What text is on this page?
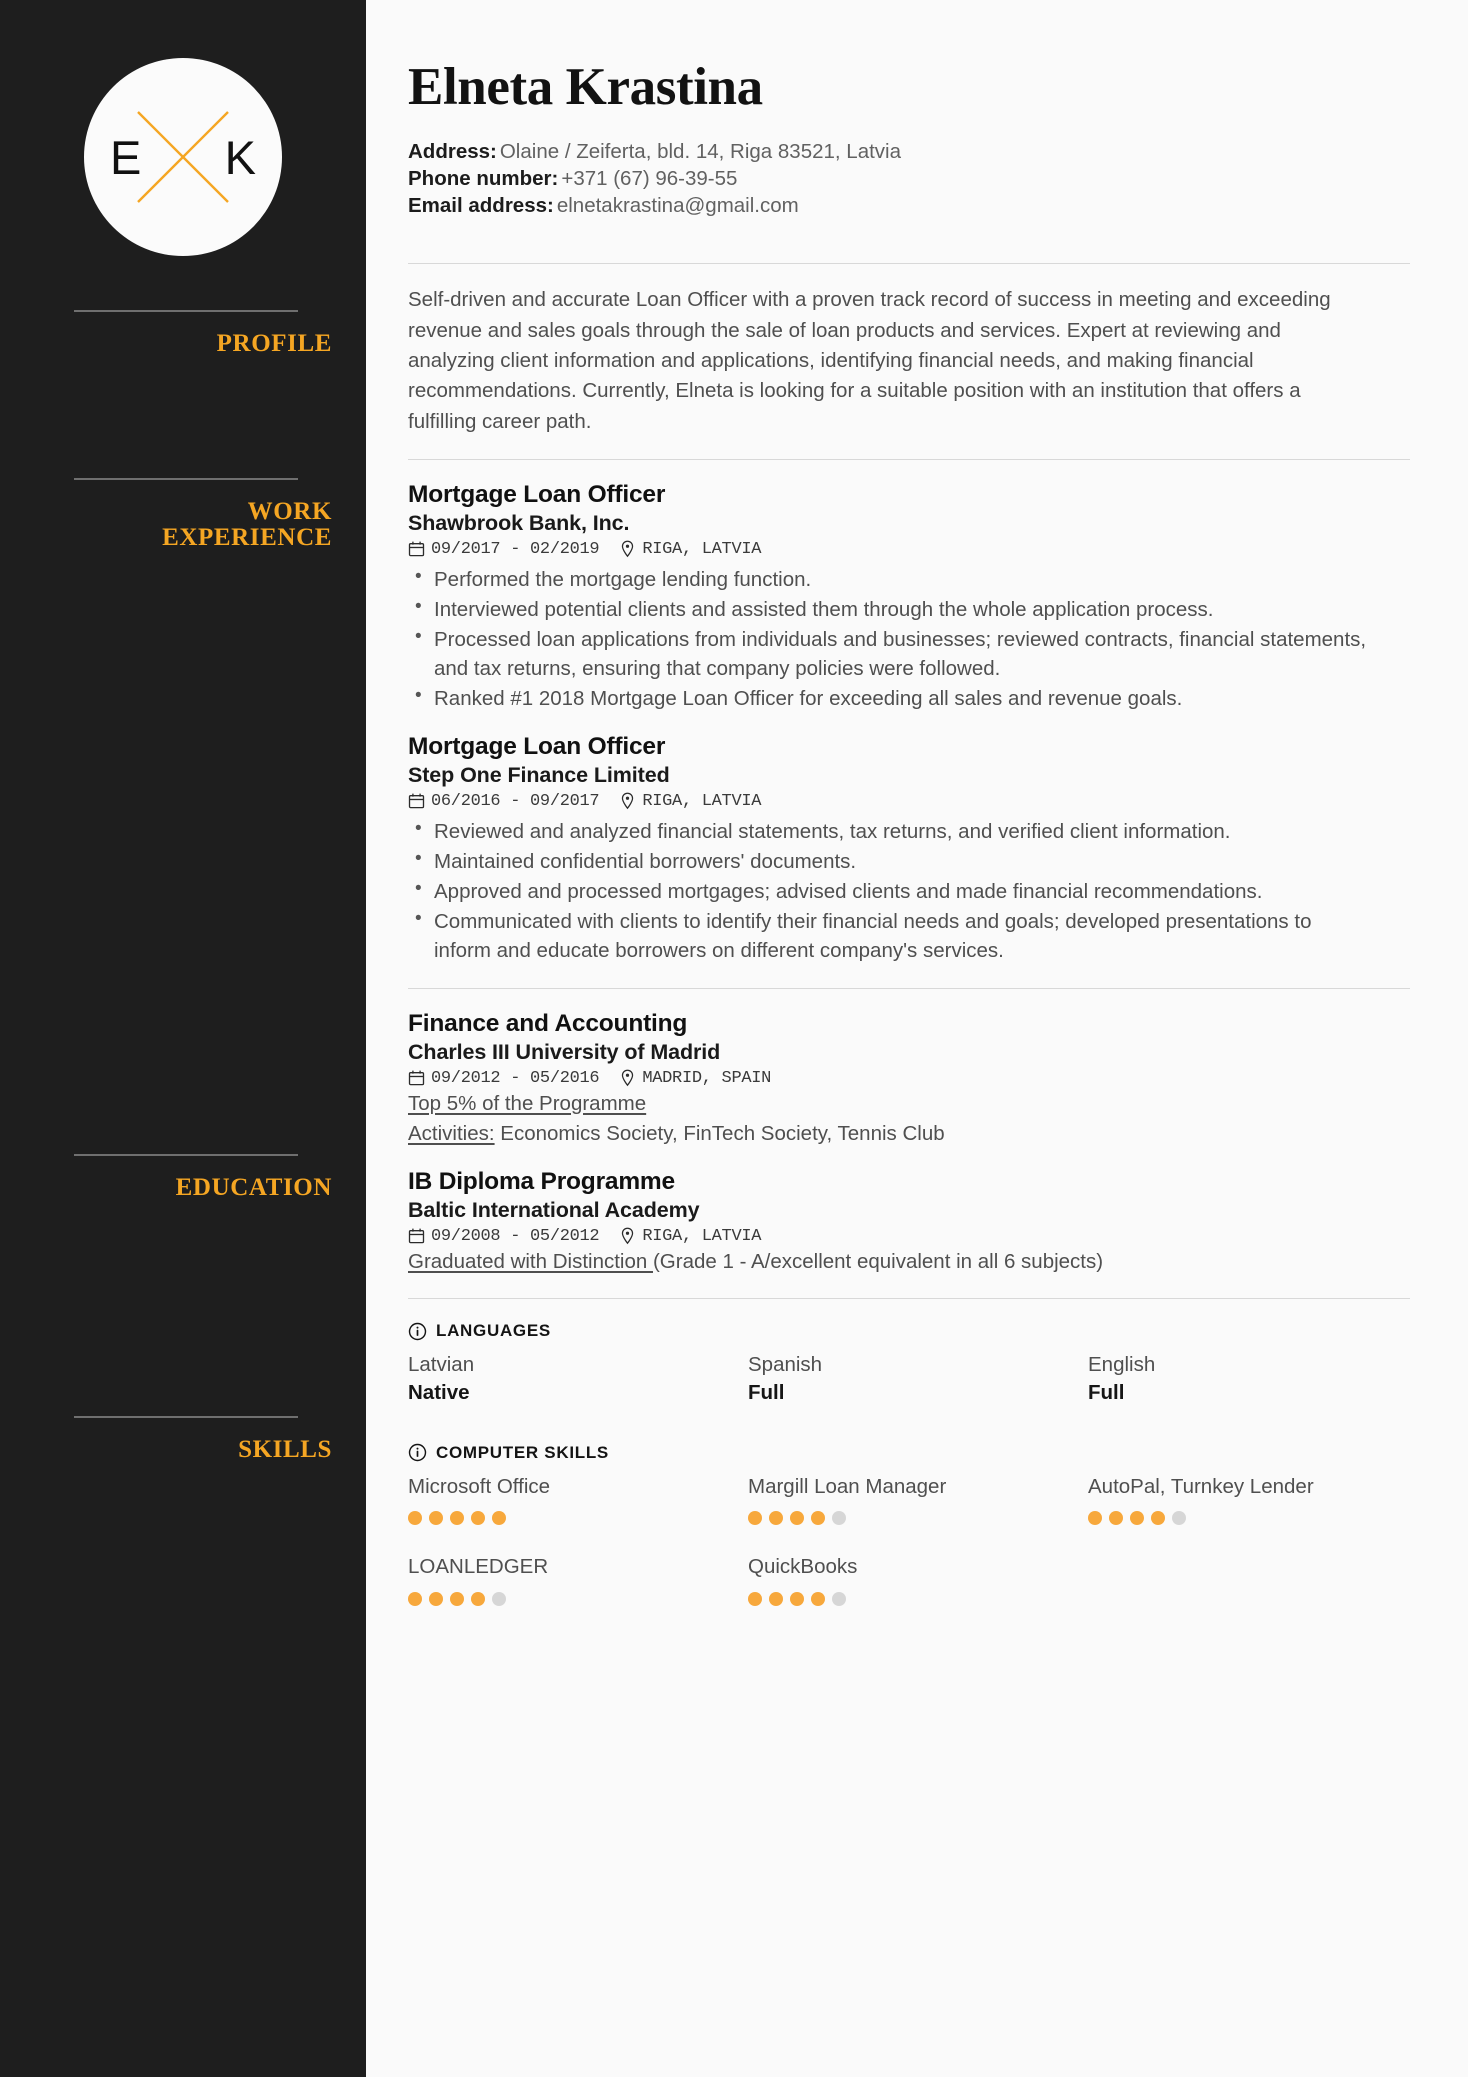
E K
PROFILE
WORK
EXPERIENCE
EDUCATION
SKILLS
Elneta Krastina
Address: Olaine / Zeiferta, bld. 14, Riga 83521, Latvia
Phone number: +371 (67) 96-39-55
Email address: elnetakrastina@gmail.com

Self-driven and accurate Loan Officer with a proven track record of success in meeting and exceeding revenue and sales goals through the sale of loan products and services. Expert at reviewing and analyzing client information and applications, identifying financial needs, and making financial recommendations. Currently, Elneta is looking for a suitable position with an institution that offers a fulfilling career path.

Mortgage Loan Officer
Shawbrook Bank, Inc.
09/2017 - 02/2019	RIGA, LATVIA
• Performed the mortgage lending function.
• Interviewed potential clients and assisted them through the whole application process.
• Processed loan applications from individuals and businesses; reviewed contracts, financial statements, and tax returns, ensuring that company policies were followed.
• Ranked #1 2018 Mortgage Loan Officer for exceeding all sales and revenue goals.
Mortgage Loan Officer
Step One Finance Limited
06/2016 - 09/2017	RIGA, LATVIA
• Reviewed and analyzed financial statements, tax returns, and verified client information.
• Maintained confidential borrowers' documents.
• Approved and processed mortgages; advised clients and made financial recommendations.
• Communicated with clients to identify their financial needs and goals; developed presentations to inform and educate borrowers on different company's services.
Finance and Accounting
Charles III University of Madrid
09/2012 - 05/2016	MADRID, SPAIN
Top 5% of the Programme
Activities: Economics Society, FinTech Society, Tennis Club
IB Diploma Programme
Baltic International Academy
09/2008 - 05/2012	RIGA, LATVIA
Graduated with Distinction (Grade 1 - A/excellent equivalent in all 6 subjects)
LANGUAGES
Latvian
Native
Spanish
Full
English
Full
COMPUTER SKILLS
Microsoft Office	Margill Loan Manager	AutoPal, Turnkey Lender
LOANLEDGER	QuickBooks
